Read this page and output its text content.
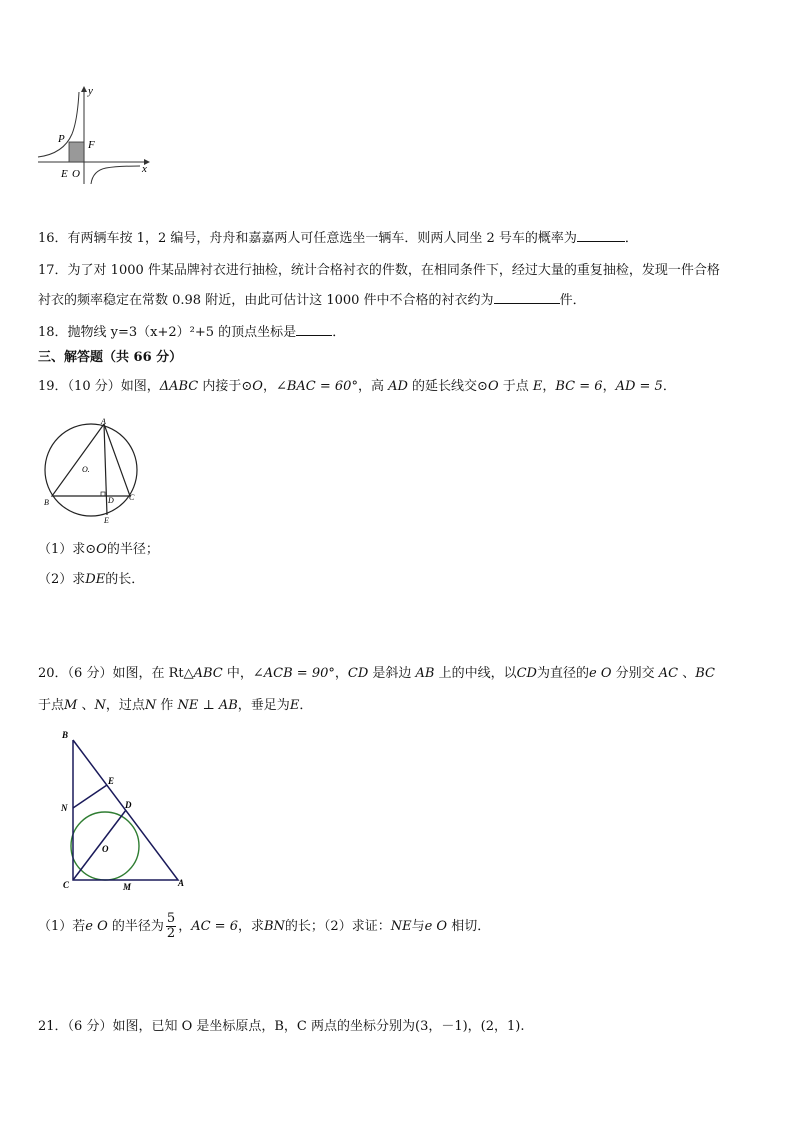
y
x
P F
E O
16．有两辆车按 1，2 编号，舟舟和嘉嘉两人可任意选坐一辆车．则两人同坐 2 号车的概率为	．
17．为了对 1000 件某品牌衬衣进行抽检，统计合格衬衣的件数，在相同条件下，经过大量的重复抽检，发现一件合格
衬衣的频率稳定在常数 0.98 附近，由此可估计这 1000 件中不合格的衬衣约为	件．
18．抛物线 y=3（x+2）²+5 的顶点坐标是	．
三、解答题（共 66 分）
19．（10 分）如图，ΔABC 内接于⊙O，∠BAC = 60°，高 AD 的延长线交⊙O 于点 E，BC = 6，AD = 5．
A
B
C
D
E
O.
（1）求⊙O的半径；
（2）求DE的长．
20．（6 分）如图，在 Rt△ABC 中，∠ACB = 90°，CD 是斜边 AB 上的中线，以CD为直径的e O 分别交 AC 、BC
于点M 、N，过点N 作 NE ⊥ AB，垂足为E．
B
E
N	D
O
C	M	A
（1）若e O 的半径为 $\frac{5}{2}$ ，AC = 6，求BN的长；（2）求证：NE与e O 相切．
21．（6 分）如图，已知 O 是坐标原点，B，C 两点的坐标分别为(3，－1)，(2，1).
